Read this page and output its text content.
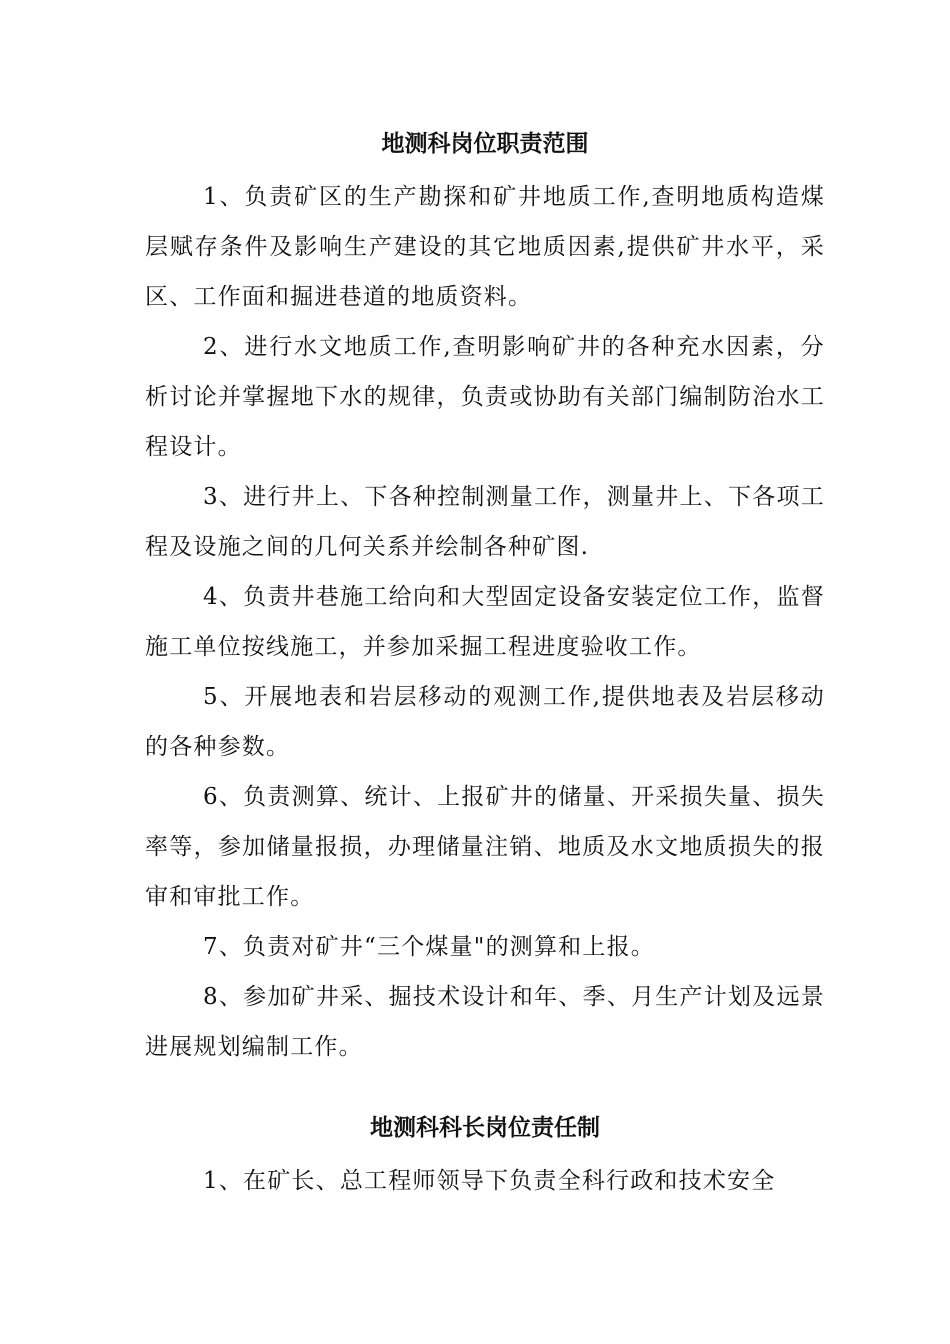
地测科岗位职责范围

1、负责矿区的生产勘探和矿井地质工作,查明地质构造煤层赋存条件及影响生产建设的其它地质因素,提供矿井水平，采区、工作面和掘进巷道的地质资料。

2、进行水文地质工作,查明影响矿井的各种充水因素，分析讨论并掌握地下水的规律，负责或协助有关部门编制防治水工程设计。

3、进行井上、下各种控制测量工作，测量井上、下各项工程及设施之间的几何关系并绘制各种矿图.

4、负责井巷施工给向和大型固定设备安装定位工作，监督施工单位按线施工，并参加采掘工程进度验收工作。

5、开展地表和岩层移动的观测工作,提供地表及岩层移动的各种参数。

6、负责测算、统计、上报矿井的储量、开采损失量、损失率等，参加储量报损，办理储量注销、地质及水文地质损失的报审和审批工作。

7、负责对矿井“三个煤量"的测算和上报。

8、参加矿井采、掘技术设计和年、季、月生产计划及远景进展规划编制工作。

地测科科长岗位责任制

1、在矿长、总工程师领导下负责全科行政和技术安全
